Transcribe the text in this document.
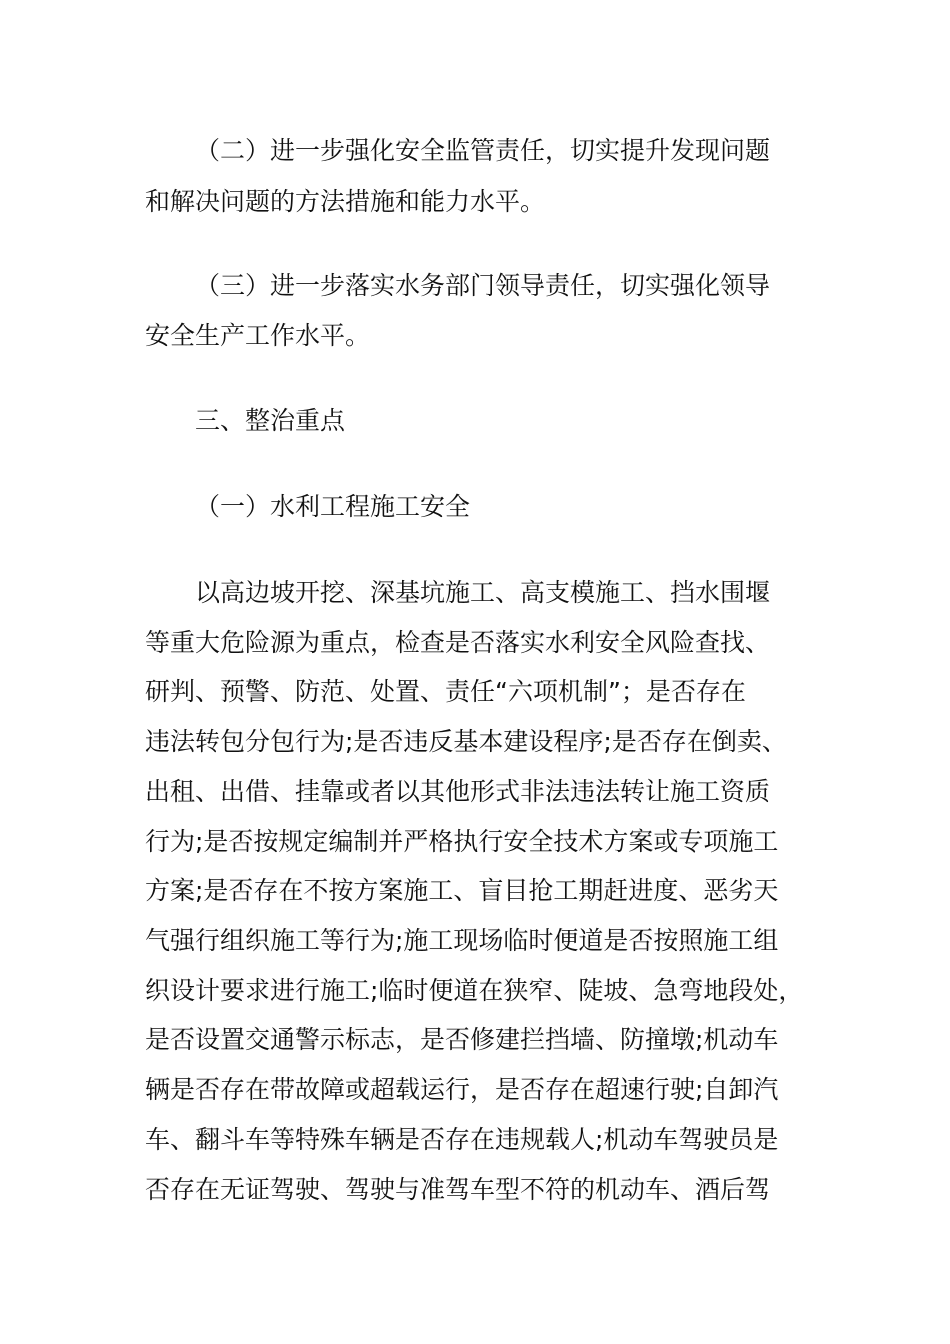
（二）进一步强化安全监管责任，切实提升发现问题
和解决问题的方法措施和能力水平。
（三）进一步落实水务部门领导责任，切实强化领导
安全生产工作水平。
三、整治重点
（一）水利工程施工安全
以高边坡开挖、深基坑施工、高支模施工、挡水围堰
等重大危险源为重点，检查是否落实水利安全风险查找、
研判、预警、防范、处置、责任“六项机制”；是否存在
违法转包分包行为;是否违反基本建设程序;是否存在倒卖、
出租、出借、挂靠或者以其他形式非法违法转让施工资质
行为;是否按规定编制并严格执行安全技术方案或专项施工
方案;是否存在不按方案施工、盲目抢工期赶进度、恶劣天
气强行组织施工等行为;施工现场临时便道是否按照施工组
织设计要求进行施工;临时便道在狭窄、陡坡、急弯地段处，
是否设置交通警示标志，是否修建拦挡墙、防撞墩;机动车
辆是否存在带故障或超载运行，是否存在超速行驶;自卸汽
车、翻斗车等特殊车辆是否存在违规载人;机动车驾驶员是
否存在无证驾驶、驾驶与准驾车型不符的机动车、酒后驾
